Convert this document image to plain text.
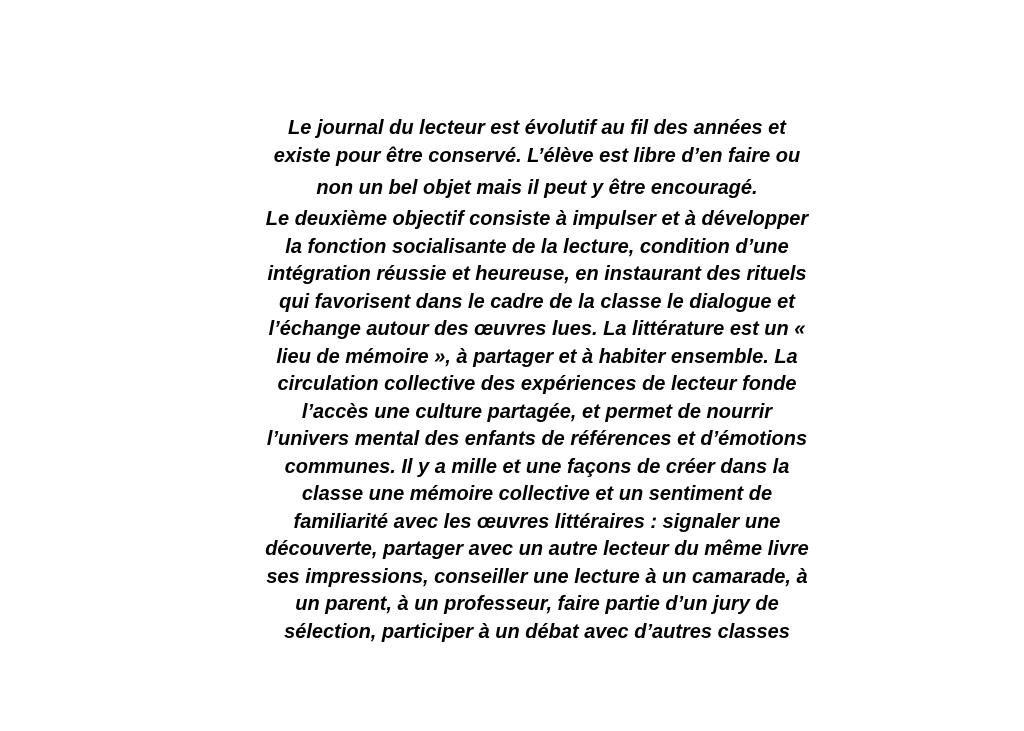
Le journal du lecteur est évolutif au fil des années et
existe pour être conservé. L’élève est libre d’en faire ou

non un bel objet mais il peut y être encouragé.

Le deuxième objectif consiste à impulser et à développer
la fonction socialisante de la lecture, condition d’une
intégration réussie et heureuse, en instaurant des rituels
qui favorisent dans le cadre de la classe le dialogue et
l’échange autour des œuvres lues. La littérature est un «
lieu de mémoire », à partager et à habiter ensemble. La
circulation collective des expériences de lecteur fonde
l’accès une culture partagée, et permet de nourrir
l’univers mental des enfants de références et d’émotions
communes. Il y a mille et une façons de créer dans la
classe une mémoire collective et un sentiment de
familiarité avec les œuvres littéraires : signaler une
découverte, partager avec un autre lecteur du même livre
ses impressions, conseiller une lecture à un camarade, à
un parent, à un professeur, faire partie d’un jury de
sélection, participer à un débat avec d’autres classes
